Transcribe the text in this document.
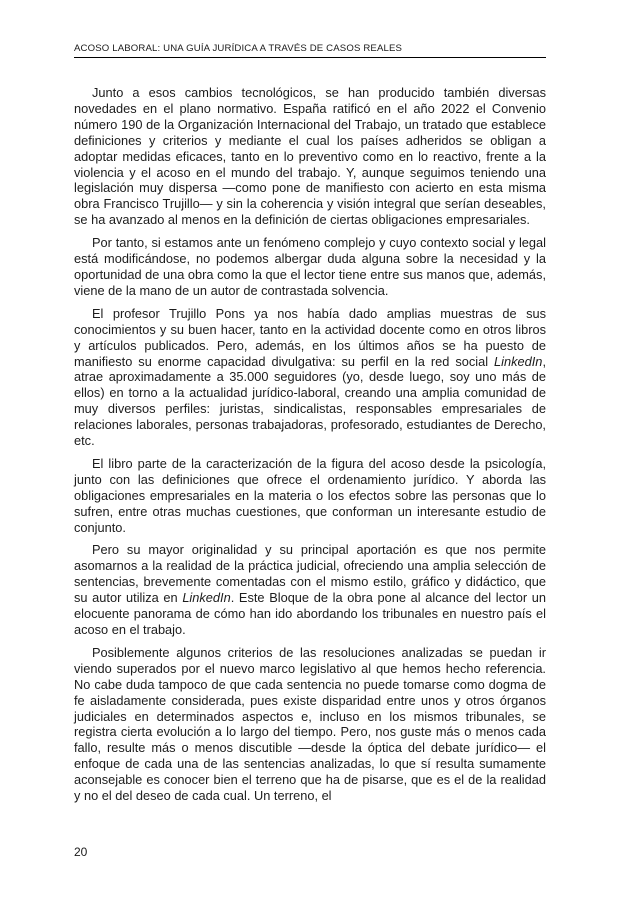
ACOSO LABORAL: UNA GUÍA JURÍDICA A TRAVÉS DE CASOS REALES

Junto a esos cambios tecnológicos, se han producido también diversas novedades en el plano normativo. España ratificó en el año 2022 el Convenio número 190 de la Organización Internacional del Trabajo, un tratado que establece definiciones y criterios y mediante el cual los países adheridos se obligan a adoptar medidas eficaces, tanto en lo preventivo como en lo reactivo, frente a la violencia y el acoso en el mundo del trabajo. Y, aunque seguimos teniendo una legislación muy dispersa —como pone de manifiesto con acierto en esta misma obra Francisco Trujillo— y sin la coherencia y visión integral que serían deseables, se ha avanzado al menos en la definición de ciertas obligaciones empresariales.

Por tanto, si estamos ante un fenómeno complejo y cuyo contexto social y legal está modificándose, no podemos albergar duda alguna sobre la necesidad y la oportunidad de una obra como la que el lector tiene entre sus manos que, además, viene de la mano de un autor de contrastada solvencia.

El profesor Trujillo Pons ya nos había dado amplias muestras de sus conocimientos y su buen hacer, tanto en la actividad docente como en otros libros y artículos publicados. Pero, además, en los últimos años se ha puesto de manifiesto su enorme capacidad divulgativa: su perfil en la red social LinkedIn, atrae aproximadamente a 35.000 seguidores (yo, desde luego, soy uno más de ellos) en torno a la actualidad jurídico-laboral, creando una amplia comunidad de muy diversos perfiles: juristas, sindicalistas, responsables empresariales de relaciones laborales, personas trabajadoras, profesorado, estudiantes de Derecho, etc.

El libro parte de la caracterización de la figura del acoso desde la psicología, junto con las definiciones que ofrece el ordenamiento jurídico. Y aborda las obligaciones empresariales en la materia o los efectos sobre las personas que lo sufren, entre otras muchas cuestiones, que conforman un interesante estudio de conjunto.

Pero su mayor originalidad y su principal aportación es que nos permite asomarnos a la realidad de la práctica judicial, ofreciendo una amplia selección de sentencias, brevemente comentadas con el mismo estilo, gráfico y didáctico, que su autor utiliza en LinkedIn. Este Bloque de la obra pone al alcance del lector un elocuente panorama de cómo han ido abordando los tribunales en nuestro país el acoso en el trabajo.

Posiblemente algunos criterios de las resoluciones analizadas se puedan ir viendo superados por el nuevo marco legislativo al que hemos hecho referencia. No cabe duda tampoco de que cada sentencia no puede tomarse como dogma de fe aisladamente considerada, pues existe disparidad entre unos y otros órganos judiciales en determinados aspectos e, incluso en los mismos tribunales, se registra cierta evolución a lo largo del tiempo. Pero, nos guste más o menos cada fallo, resulte más o menos discutible —desde la óptica del debate jurídico— el enfoque de cada una de las sentencias analizadas, lo que sí resulta sumamente aconsejable es conocer bien el terreno que ha de pisarse, que es el de la realidad y no el del deseo de cada cual. Un terreno, el

20
